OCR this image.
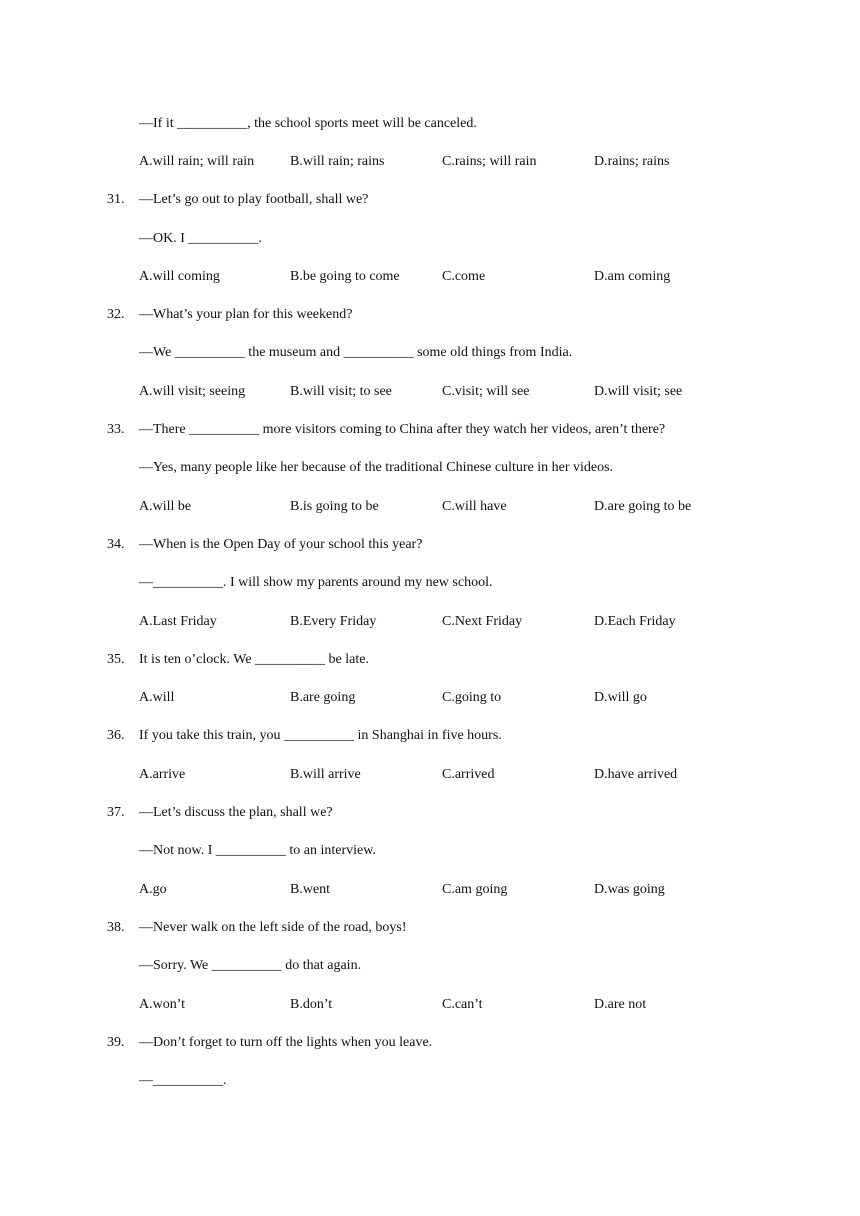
—If it __________, the school sports meet will be canceled.
A.will rain; will rain	B.will rain; rains	C.rains; will rain	D.rains; rains
31. —Let’s go out to play football, shall we?
—OK. I __________.
A.will coming	B.be going to come	C.come	D.am coming
32. —What’s your plan for this weekend?
—We __________ the museum and __________ some old things from India.
A.will visit; seeing	B.will visit; to see	C.visit; will see	D.will visit; see
33. —There __________ more visitors coming to China after they watch her videos, aren’t there?
—Yes, many people like her because of the traditional Chinese culture in her videos.
A.will be	B.is going to be	C.will have	D.are going to be
34. —When is the Open Day of your school this year?
—__________. I will show my parents around my new school.
A.Last Friday	B.Every Friday	C.Next Friday	D.Each Friday
35. It is ten o’clock. We __________ be late.
A.will	B.are going	C.going to	D.will go
36. If you take this train, you __________ in Shanghai in five hours.
A.arrive	B.will arrive	C.arrived	D.have arrived
37. —Let’s discuss the plan, shall we?
—Not now. I __________ to an interview.
A.go	B.went	C.am going	D.was going
38. —Never walk on the left side of the road, boys!
—Sorry. We __________ do that again.
A.won’t	B.don’t	C.can’t	D.are not
39. —Don’t forget to turn off the lights when you leave.
—__________.
